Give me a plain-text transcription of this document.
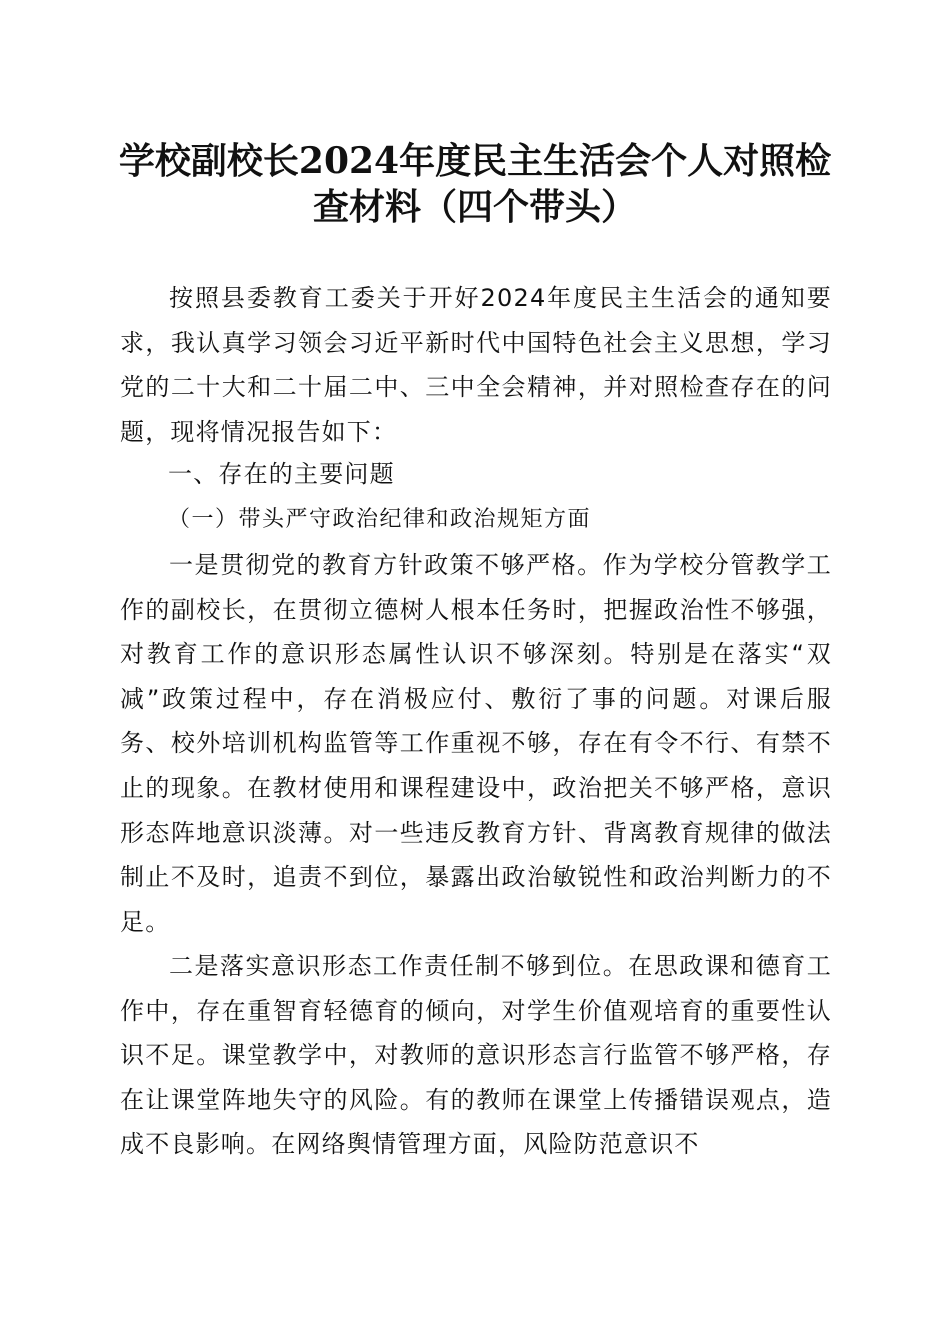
学校副校长2024年度民主生活会个人对照检
查材料（四个带头）

按照县委教育工委关于开好2024年度民主生活会的通知要求，我认真学习领会习近平新时代中国特色社会主义思想，学习党的二十大和二十届二中、三中全会精神，并对照检查存在的问题，现将情况报告如下：

一、存在的主要问题

（一）带头严守政治纪律和政治规矩方面

一是贯彻党的教育方针政策不够严格。作为学校分管教学工作的副校长，在贯彻立德树人根本任务时，把握政治性不够强，对教育工作的意识形态属性认识不够深刻。特别是在落实“双减”政策过程中，存在消极应付、敷衍了事的问题。对课后服务、校外培训机构监管等工作重视不够，存在有令不行、有禁不止的现象。在教材使用和课程建设中，政治把关不够严格，意识形态阵地意识淡薄。对一些违反教育方针、背离教育规律的做法制止不及时，追责不到位，暴露出政治敏锐性和政治判断力的不足。

二是落实意识形态工作责任制不够到位。在思政课和德育工作中，存在重智育轻德育的倾向，对学生价值观培育的重要性认识不足。课堂教学中，对教师的意识形态言行监管不够严格，存在让课堂阵地失守的风险。有的教师在课堂上传播错误观点，造成不良影响。在网络舆情管理方面，风险防范意识不
